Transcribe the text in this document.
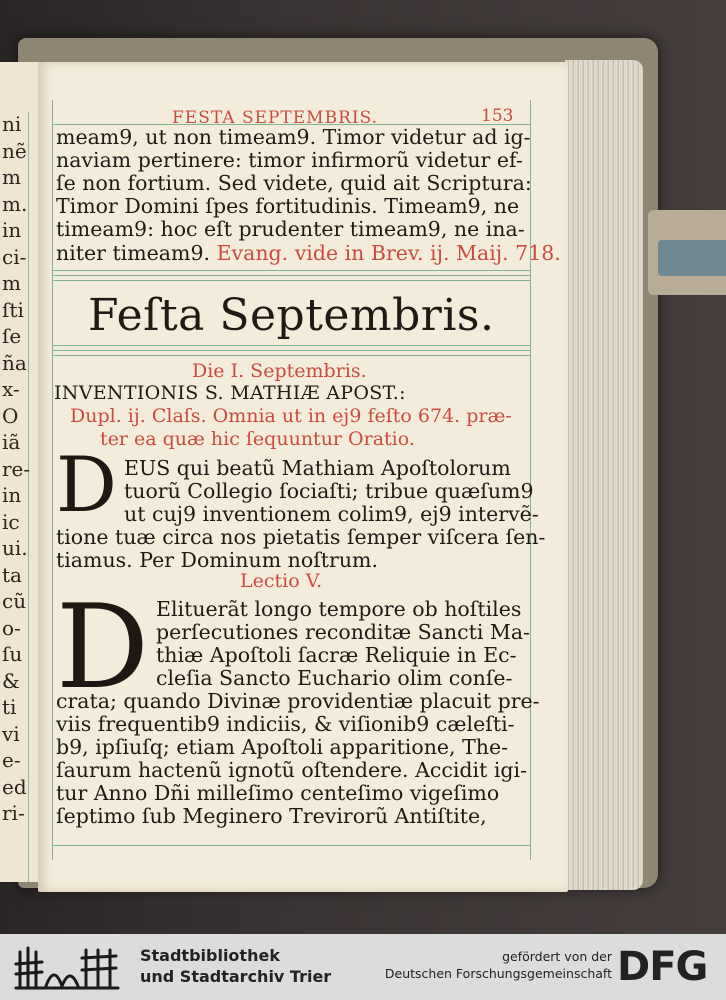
ni
nẽ
m
m.
in
ci-
m
ſti
ſe
ña
x-
O
iã
re-
in
ic
ui.
ta
cũ
o-
ſu
&
ti
vi
e-
ed
ri-
FESTA SEPTEMBRIS.	153
meam9, ut non timeam9. Timor videtur ad ig-
naviam pertinere: timor infirmorũ videtur ef-
ſe non fortium. Sed videte, quid ait Scriptura:
Timor Domini ſpes fortitudinis. Timeam9, ne
timeam9: hoc eſt prudenter timeam9, ne ina-
niter timeam9. Evang. vide in Brev. ij. Maij. 718.
Feſta Septembris.
Die I. Septembris.
INVENTIONIS S. MATHIÆ APOST.:
Dupl. ij. Claſs. Omnia ut in ej9 feſto 674. præ-
ter ea quæ hic ſequuntur Oratio.
D EUS qui beatũ Mathiam Apoſtolorum
tuorũ Collegio ſociaſti; tribue quæſum9
ut cuj9 inventionem colim9, ej9 intervẽ-
tione tuæ circa nos pietatis ſemper viſcera ſen-
tiamus. Per Dominum noſtrum.
Lectio V.
D Elituerãt longo tempore ob hoſtiles
perſecutiones reconditæ Sancti Ma-
thiæ Apoſtoli ſacræ Reliquie in Ec-
cleſia Sancto Euchario olim conſe-
crata; quando Divinæ providentiæ placuit pre-
viis frequentib9 indiciis, & viſionib9 cæleſti-
b9, ipſiuſq; etiam Apoſtoli apparitione, The-
ſaurum hactenũ ignotũ oſtendere. Accidit igi-
tur Anno Dñi milleſimo centeſimo vigeſimo
ſeptimo ſub Meginero Trevirorũ Antiſtite,
Stadtbibliothek
und Stadtarchiv Trier
gefördert von der
Deutschen Forschungsgemeinschaft DFG
